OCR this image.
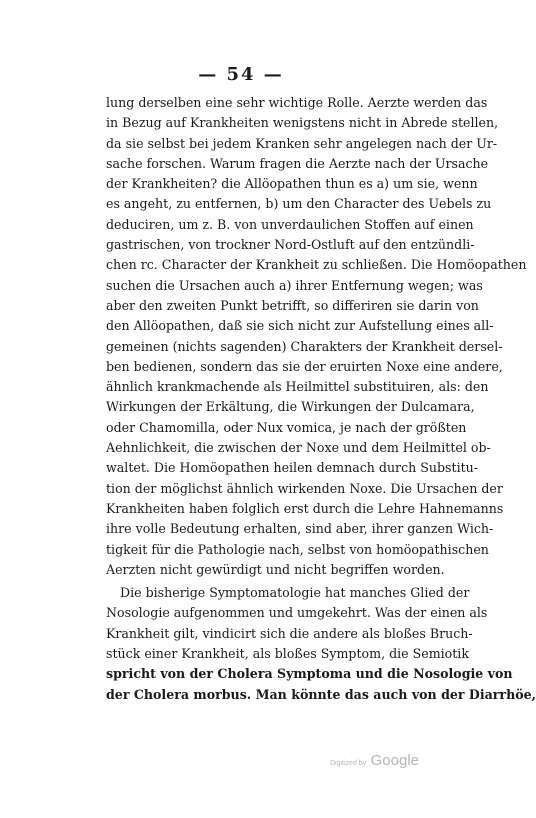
— 54 —
lung derselben eine sehr wichtige Rolle. Aerzte werden das
in Bezug auf Krankheiten wenigstens nicht in Abrede stellen,
da sie selbst bei jedem Kranken sehr angelegen nach der Ur-
sache forschen. Warum fragen die Aerzte nach der Ursache
der Krankheiten? die Allöopathen thun es a) um sie, wenn
es angeht, zu entfernen, b) um den Character des Uebels zu
deduciren, um z. B. von unverdaulichen Stoffen auf einen
gastrischen, von trockner Nord-Ostluft auf den entzündli-
chen rc. Character der Krankheit zu schließen. Die Homöopathen
suchen die Ursachen auch a) ihrer Entfernung wegen; was
aber den zweiten Punkt betrifft, so differiren sie darin von
den Allöopathen, daß sie sich nicht zur Aufstellung eines all-
gemeinen (nichts sagenden) Charakters der Krankheit dersel-
ben bedienen, sondern das sie der eruirten Noxe eine andere,
ähnlich krankmachende als Heilmittel substituiren, als: den
Wirkungen der Erkältung, die Wirkungen der Dulcamara,
oder Chamomilla, oder Nux vomica, je nach der größten
Aehnlichkeit, die zwischen der Noxe und dem Heilmittel ob-
waltet. Die Homöopathen heilen demnach durch Substitu-
tion der möglichst ähnlich wirkenden Noxe. Die Ursachen der
Krankheiten haben folglich erst durch die Lehre Hahnemanns
ihre volle Bedeutung erhalten, sind aber, ihrer ganzen Wich-
tigkeit für die Pathologie nach, selbst von homöopathischen
Aerzten nicht gewürdigt und nicht begriffen worden.
Die bisherige Symptomatologie hat manches Glied der
Nosologie aufgenommen und umgekehrt. Was der einen als
Krankheit gilt, vindicirt sich die andere als bloßes Bruch-
stück einer Krankheit, als bloßes Symptom, die Semiotik
spricht von der Cholera Symptoma und die Nosologie von
der Cholera morbus. Man könnte das auch von der Diarrhöe,
Digitized by Google
